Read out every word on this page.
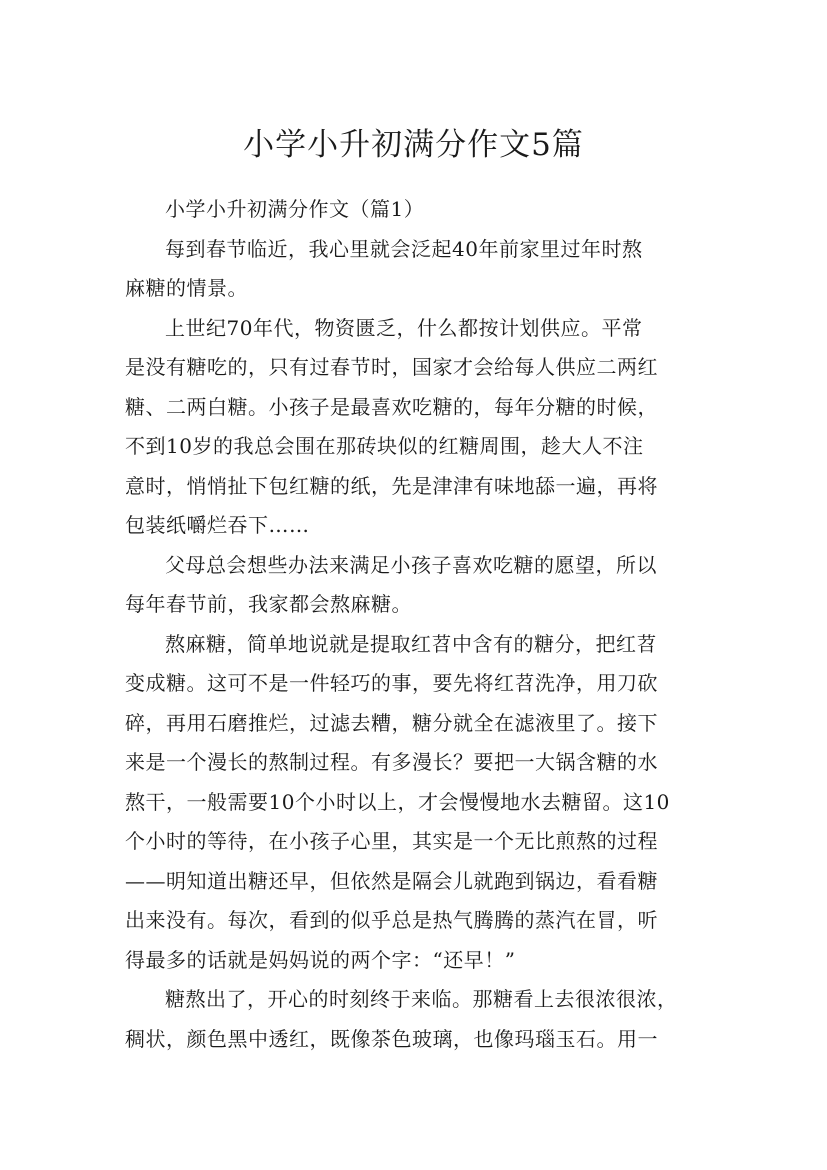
小学小升初满分作文5篇

小学小升初满分作文（篇1）

每到春节临近，我心里就会泛起40年前家里过年时熬
麻糖的情景。

上世纪70年代，物资匮乏，什么都按计划供应。平常
是没有糖吃的，只有过春节时，国家才会给每人供应二两红
糖、二两白糖。小孩子是最喜欢吃糖的，每年分糖的时候，
不到10岁的我总会围在那砖块似的红糖周围，趁大人不注
意时，悄悄扯下包红糖的纸，先是津津有味地舔一遍，再将
包装纸嚼烂吞下……

父母总会想些办法来满足小孩子喜欢吃糖的愿望，所以
每年春节前，我家都会熬麻糖。

熬麻糖，简单地说就是提取红苕中含有的糖分，把红苕
变成糖。这可不是一件轻巧的事，要先将红苕洗净，用刀砍
碎，再用石磨推烂，过滤去糟，糖分就全在滤液里了。接下
来是一个漫长的熬制过程。有多漫长？要把一大锅含糖的水
熬干，一般需要10个小时以上，才会慢慢地水去糖留。这10
个小时的等待，在小孩子心里，其实是一个无比煎熬的过程
——明知道出糖还早，但依然是隔会儿就跑到锅边，看看糖
出来没有。每次，看到的似乎总是热气腾腾的蒸汽在冒，听
得最多的话就是妈妈说的两个字：“还早！”

糖熬出了，开心的时刻终于来临。那糖看上去很浓很浓，
稠状，颜色黑中透红，既像茶色玻璃，也像玛瑙玉石。用一
